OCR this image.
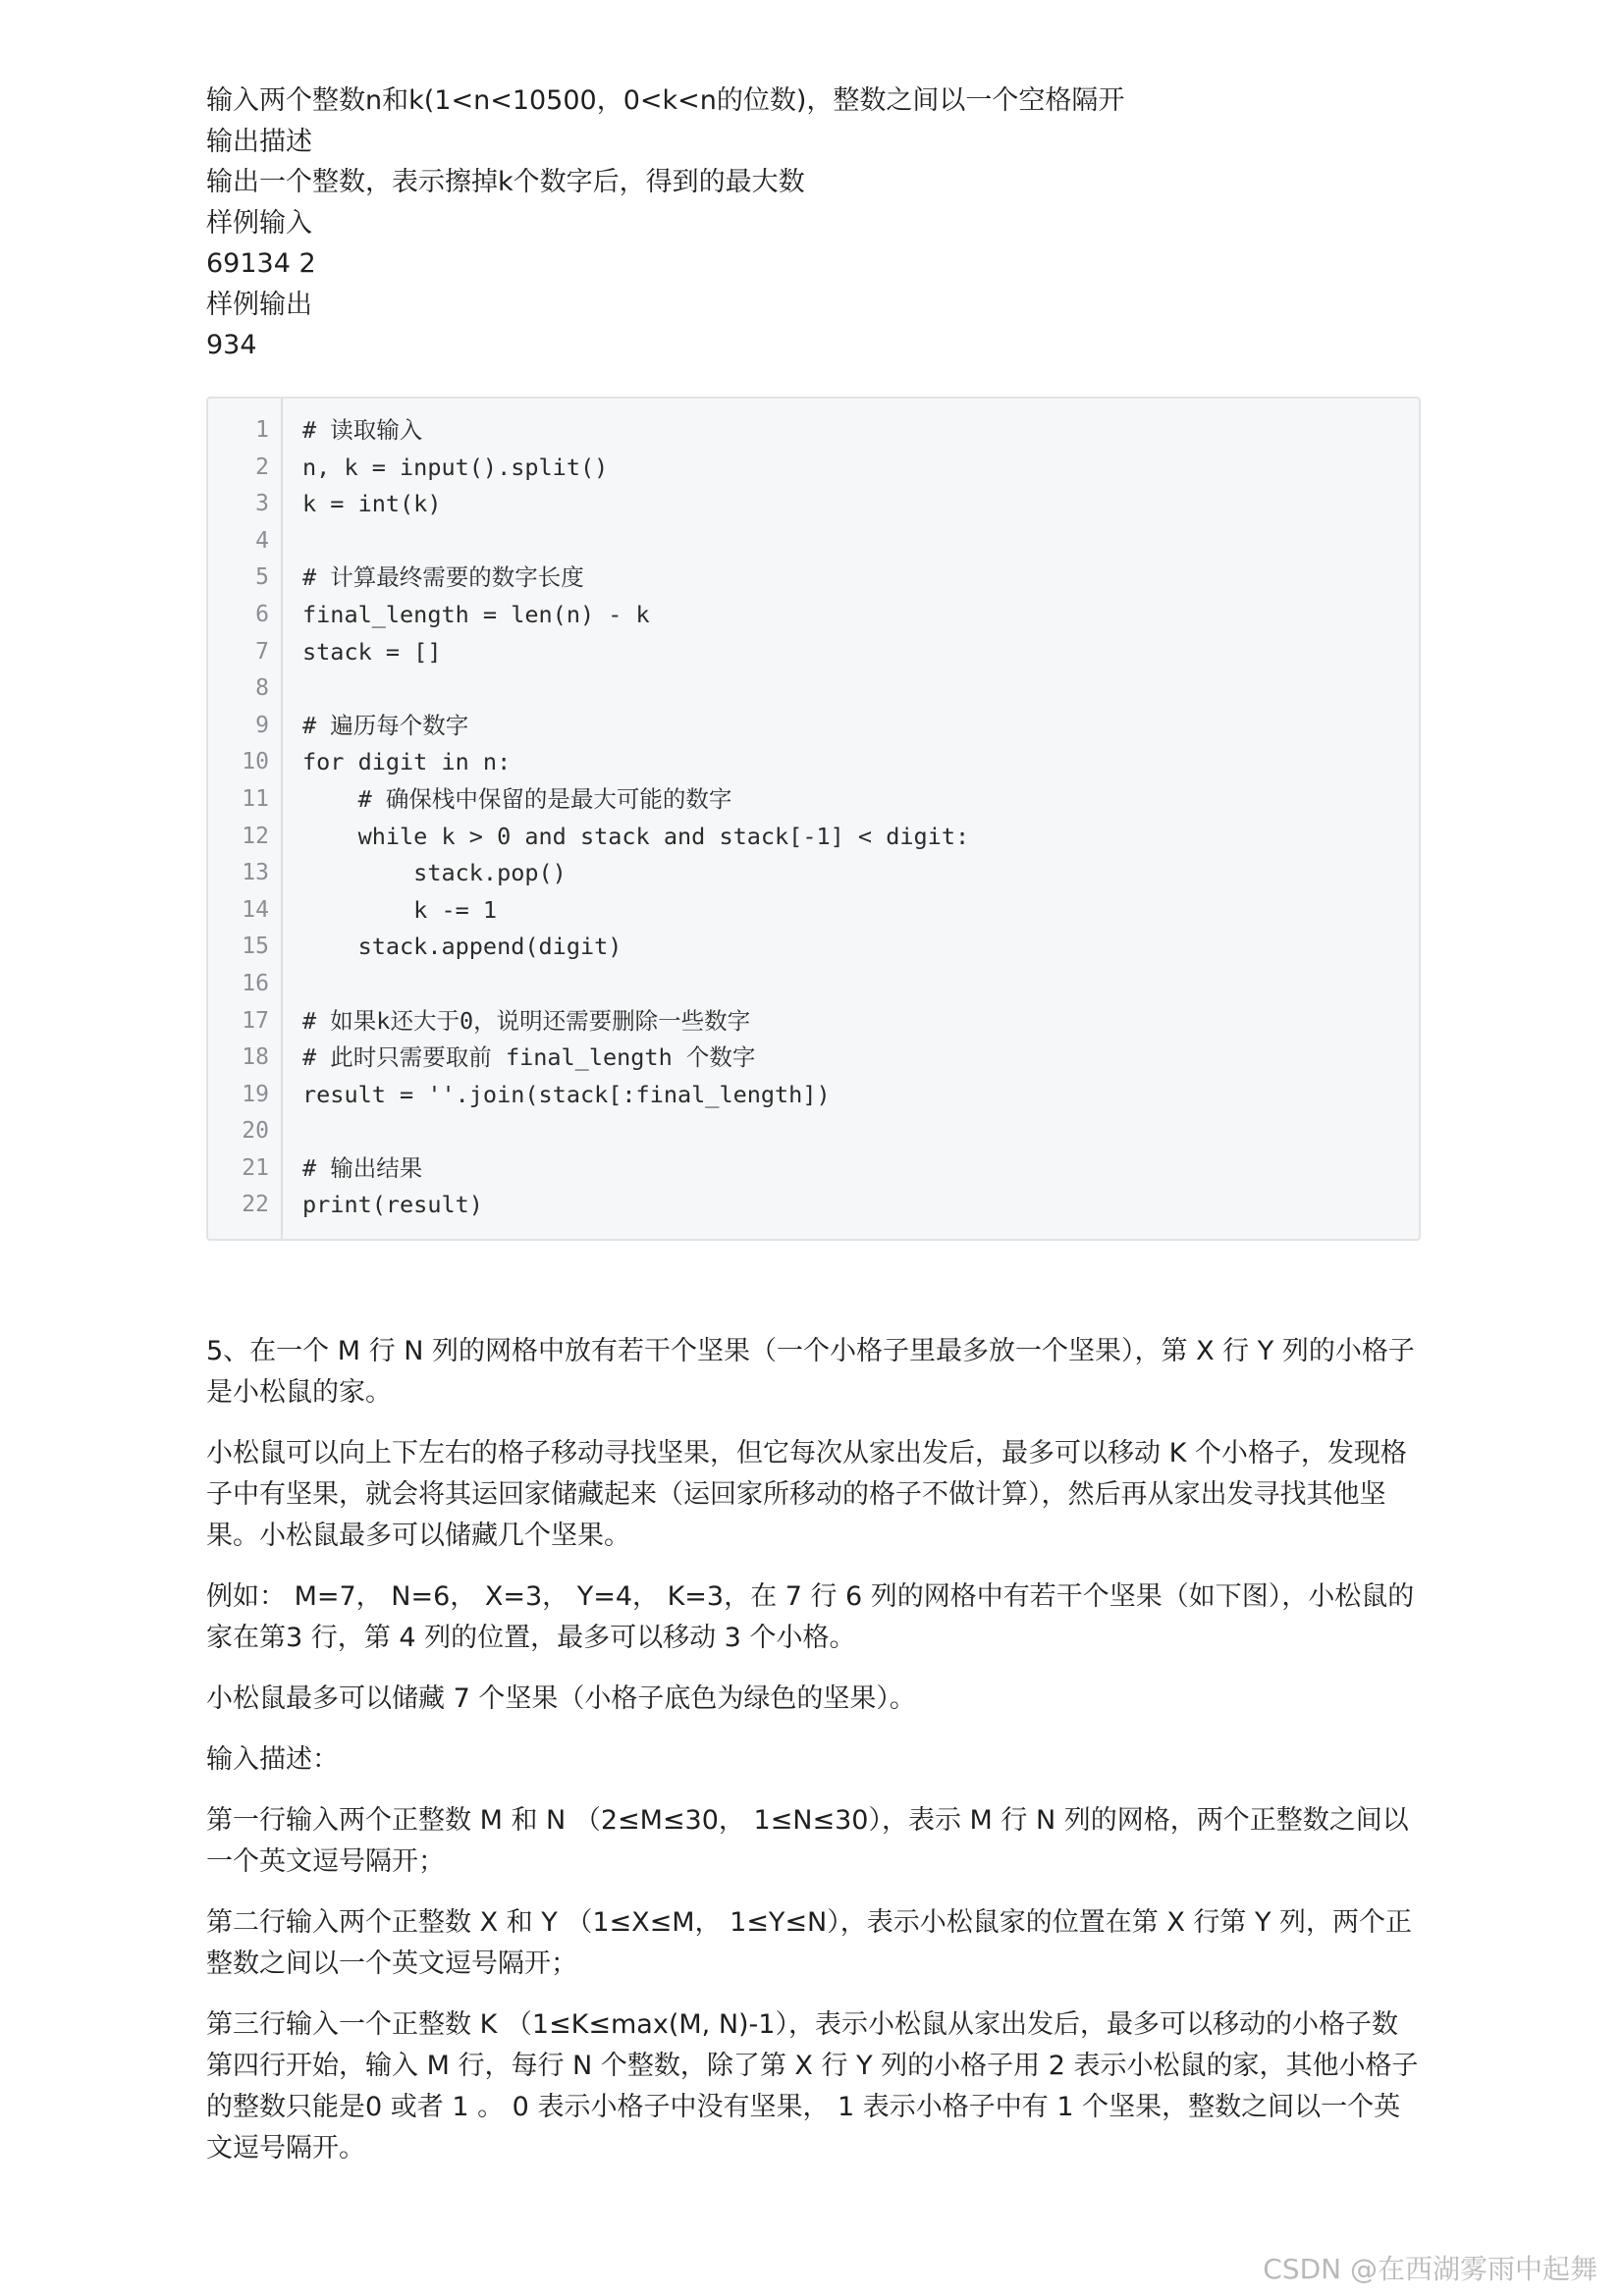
输入两个整数n和k(1<n<10500，0<k<n的位数)，整数之间以一个空格隔开
输出描述
输出一个整数，表示擦掉k个数字后，得到的最大数
样例输入
69134 2
样例输出
934
1 # 读取输入
2 n, k = input().split()
3 k = int(k)
4
5 # 计算最终需要的数字长度
6 final_length = len(n) - k
7 stack = []
8
9 # 遍历每个数字
10 for digit in n:
11 # 确保栈中保留的是最大可能的数字
12 while k > 0 and stack and stack[-1] < digit:
13 stack.pop()
14 k -= 1
15 stack.append(digit)
16
17 # 如果k还大于0，说明还需要删除一些数字
18 # 此时只需要取前 final_length 个数字
19 result = ''.join(stack[:final_length])
20
21 # 输出结果
22 print(result)

5、在一个 M 行 N 列的网格中放有若干个坚果（一个小格子里最多放一个坚果），第 X 行 Y 列的小格子是小松鼠的家。

小松鼠可以向上下左右的格子移动寻找坚果，但它每次从家出发后，最多可以移动 K 个小格子，发现格子中有坚果，就会将其运回家储藏起来（运回家所移动的格子不做计算），然后再从家出发寻找其他坚果。小松鼠最多可以储藏几个坚果。

例如： M=7， N=6， X=3， Y=4， K=3，在 7 行 6 列的网格中有若干个坚果（如下图），小松鼠的家在第3 行，第 4 列的位置，最多可以移动 3 个小格。

小松鼠最多可以储藏 7 个坚果（小格子底色为绿色的坚果）。

输入描述：

第一行输入两个正整数 M 和 N （2≤M≤30， 1≤N≤30），表示 M 行 N 列的网格，两个正整数之间以一个英文逗号隔开；

第二行输入两个正整数 X 和 Y （1≤X≤M， 1≤Y≤N），表示小松鼠家的位置在第 X 行第 Y 列，两个正整数之间以一个英文逗号隔开；

第三行输入一个正整数 K （1≤K≤max(M, N)-1），表示小松鼠从家出发后，最多可以移动的小格子数第四行开始，输入 M 行，每行 N 个整数，除了第 X 行 Y 列的小格子用 2 表示小松鼠的家，其他小格子的整数只能是0 或者 1 。 0 表示小格子中没有坚果， 1 表示小格子中有 1 个坚果，整数之间以一个英文逗号隔开。

CSDN @在西湖雾雨中起舞
